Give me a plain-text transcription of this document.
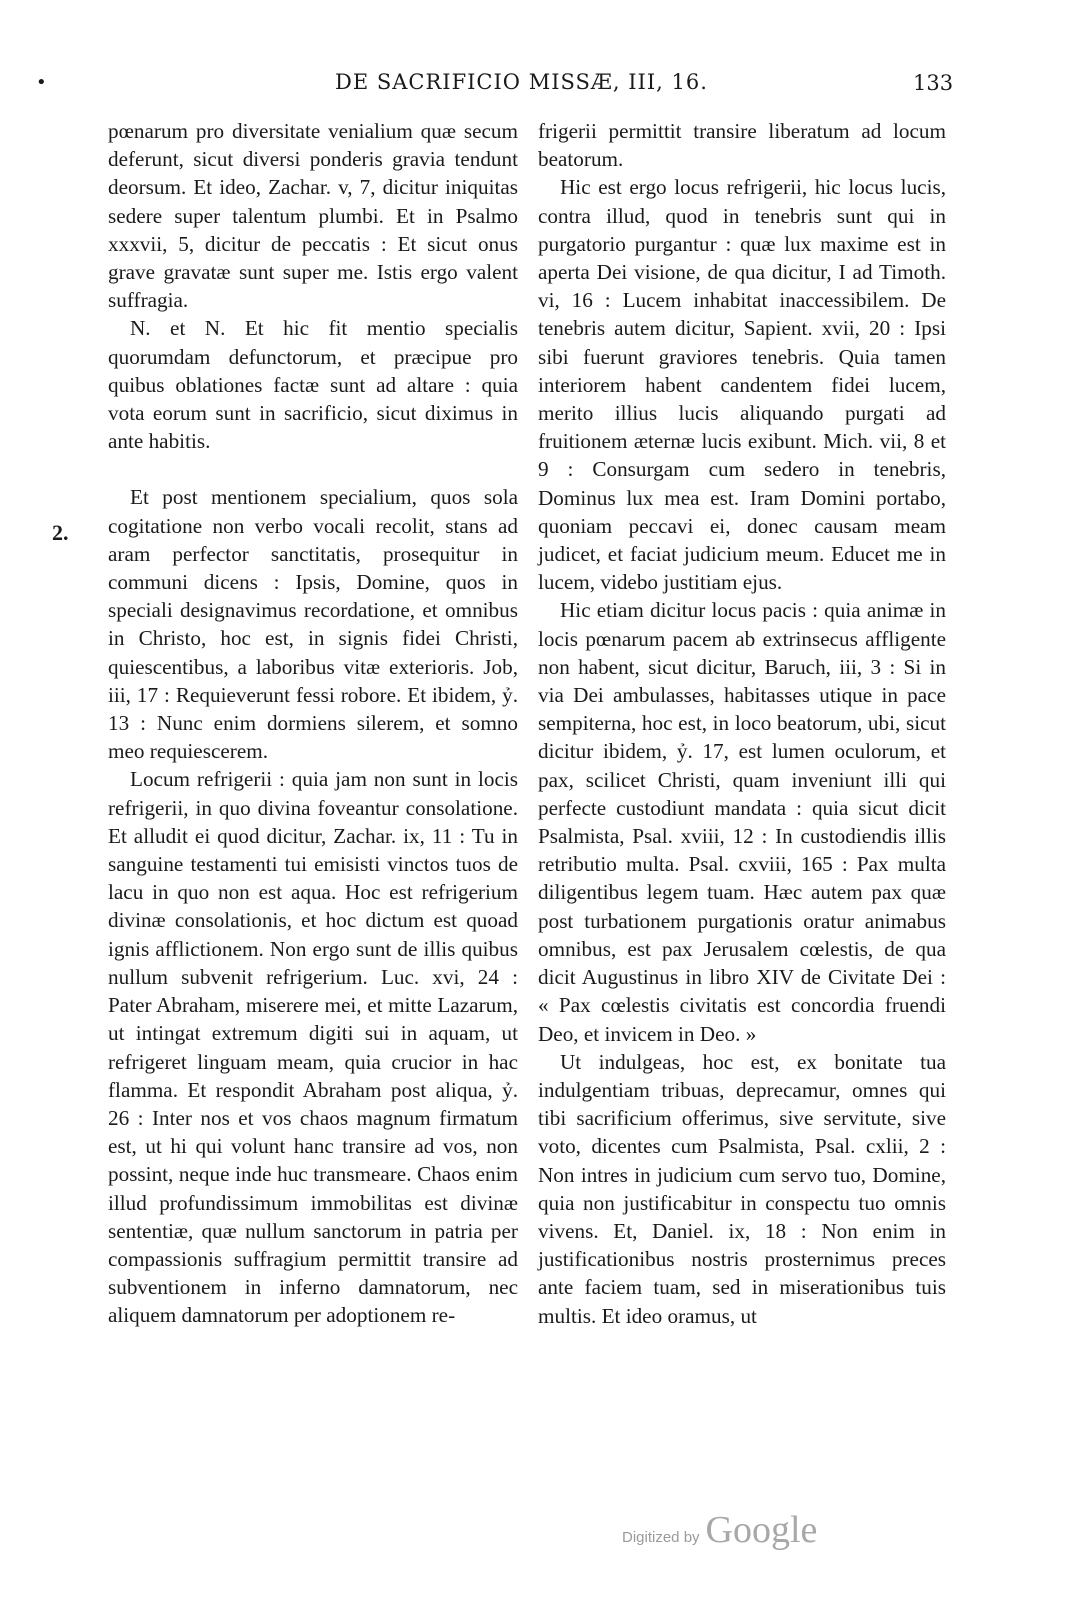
•	DE SACRIFICIO MISSÆ, III, 16.	133
2.

pœnarum pro diversitate venialium quæ secum deferunt, sicut diversi ponderis gravia tendunt deorsum. Et ideo, Zachar. v, 7, dicitur iniquitas sedere super talentum plumbi. Et in Psalmo xxxvii, 5, dicitur de peccatis : Et sicut onus grave gravatæ sunt super me. Istis ergo valent suffragia.

N. et N. Et hic fit mentio specialis quorumdam defunctorum, et præcipue pro quibus oblationes factæ sunt ad altare : quia vota eorum sunt in sacrificio, sicut diximus in ante habitis.

Et post mentionem specialium, quos sola cogitatione non verbo vocali recolit, stans ad aram perfector sanctitatis, prosequitur in communi dicens : Ipsis, Domine, quos in speciali designavimus recordatione, et omnibus in Christo, hoc est, in signis fidei Christi, quiescentibus, a laboribus vitæ exterioris. Job, iii, 17 : Requieverunt fessi robore. Et ibidem, ỷ. 13 : Nunc enim dormiens silerem, et somno meo requiescerem.

Locum refrigerii : quia jam non sunt in locis refrigerii, in quo divina foveantur consolatione. Et alludit ei quod dicitur, Zachar. ix, 11 : Tu in sanguine testamenti tui emisisti vinctos tuos de lacu in quo non est aqua. Hoc est refrigerium divinæ consolationis, et hoc dictum est quoad ignis afflictionem. Non ergo sunt de illis quibus nullum subvenit refrigerium. Luc. xvi, 24 : Pater Abraham, miserere mei, et mitte Lazarum, ut intingat extremum digiti sui in aquam, ut refrigeret linguam meam, quia crucior in hac flamma. Et respondit Abraham post aliqua, ỷ. 26 : Inter nos et vos chaos magnum firmatum est, ut hi qui volunt hanc transire ad vos, non possint, neque inde huc transmeare. Chaos enim illud profundissimum immobilitas est divinæ sententiæ, quæ nullum sanctorum in patria per compassionis suffragium permittit transire ad subventionem in inferno damnatorum, nec aliquem damnatorum per adoptionem re-

frigerii permittit transire liberatum ad locum beatorum.

Hic est ergo locus refrigerii, hic locus lucis, contra illud, quod in tenebris sunt qui in purgatorio purgantur : quæ lux maxime est in aperta Dei visione, de qua dicitur, I ad Timoth. vi, 16 : Lucem inhabitat inaccessibilem. De tenebris autem dicitur, Sapient. xvii, 20 : Ipsi sibi fuerunt graviores tenebris. Quia tamen interiorem habent candentem fidei lucem, merito illius lucis aliquando purgati ad fruitionem æternæ lucis exibunt. Mich. vii, 8 et 9 : Consurgam cum sedero in tenebris, Dominus lux mea est. Iram Domini portabo, quoniam peccavi ei, donec causam meam judicet, et faciat judicium meum. Educet me in lucem, videbo justitiam ejus.

Hic etiam dicitur locus pacis : quia animæ in locis pœnarum pacem ab extrinsecus affligente non habent, sicut dicitur, Baruch, iii, 3 : Si in via Dei ambulasses, habitasses utique in pace sempiterna, hoc est, in loco beatorum, ubi, sicut dicitur ibidem, ỷ. 17, est lumen oculorum, et pax, scilicet Christi, quam inveniunt illi qui perfecte custodiunt mandata : quia sicut dicit Psalmista, Psal. xviii, 12 : In custodiendis illis retributio multa. Psal. cxviii, 165 : Pax multa diligentibus legem tuam. Hæc autem pax quæ post turbationem purgationis oratur animabus omnibus, est pax Jerusalem cœlestis, de qua dicit Augustinus in libro XIV de Civitate Dei : « Pax cœlestis civitatis est concordia fruendi Deo, et invicem in Deo. »

Ut indulgeas, hoc est, ex bonitate tua indulgentiam tribuas, deprecamur, omnes qui tibi sacrificium offerimus, sive servitute, sive voto, dicentes cum Psalmista, Psal. cxlii, 2 : Non intres in judicium cum servo tuo, Domine, quia non justificabitur in conspectu tuo omnis vivens. Et, Daniel. ix, 18 : Non enim in justificationibus nostris prosternimus preces ante faciem tuam, sed in miserationibus tuis multis. Et ideo oramus, ut

Digitized by Google
